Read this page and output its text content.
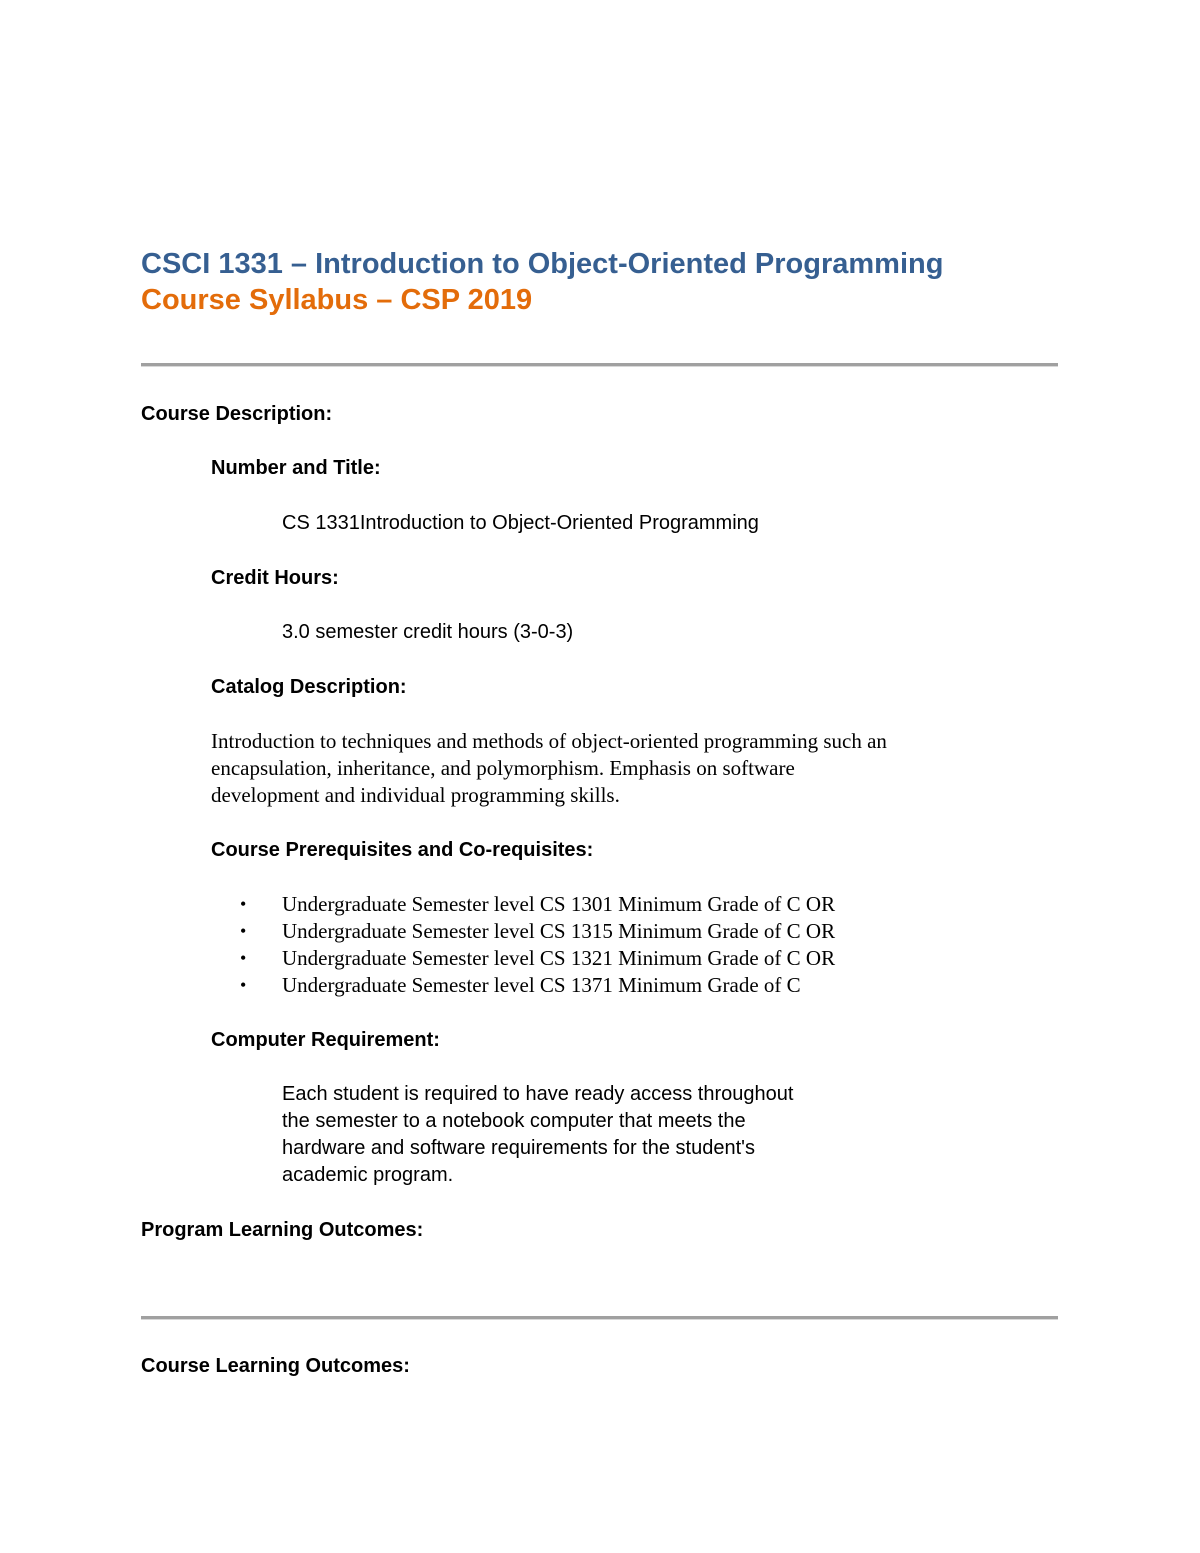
CSCI 1331 – Introduction to Object-Oriented Programming
Course Syllabus – CSP 2019
Course Description:
Number and Title:
CS 1331Introduction to Object-Oriented Programming
Credit Hours:
3.0 semester credit hours (3-0-3)
Catalog Description:
Introduction to techniques and methods of object-oriented programming such an
encapsulation, inheritance, and polymorphism. Emphasis on software
development and individual programming skills.
Course Prerequisites and Co-requisites:
•	Undergraduate Semester level CS 1301 Minimum Grade of C OR
•	Undergraduate Semester level CS 1315 Minimum Grade of C OR
•	Undergraduate Semester level CS 1321 Minimum Grade of C OR
•	Undergraduate Semester level CS 1371 Minimum Grade of C
Computer Requirement:
Each student is required to have ready access throughout
the semester to a notebook computer that meets the
hardware and software requirements for the student's
academic program.
Program Learning Outcomes:
Course Learning Outcomes:
